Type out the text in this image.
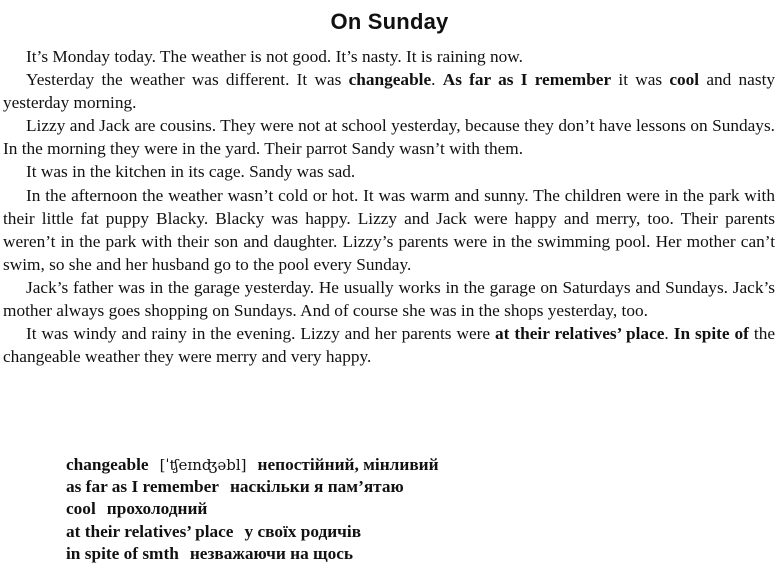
On Sunday

It’s Monday today. The weather is not good. It’s nasty. It is raining now.

Yesterday the weather was different. It was changeable. As far as I remember it was cool and nasty yesterday morning.

Lizzy and Jack are cousins. They were not at school yesterday, because they don’t have lessons on Sundays. In the morning they were in the yard. Their parrot Sandy wasn’t with them.

It was in the kitchen in its cage. Sandy was sad.

In the afternoon the weather wasn’t cold or hot. It was warm and sunny. The children were in the park with their little fat puppy Blacky. Blacky was happy. Lizzy and Jack were happy and merry, too. Their parents weren’t in the park with their son and daughter. Lizzy’s parents were in the swimming pool. Her mother can’t swim, so she and her husband go to the pool every Sunday.

Jack’s father was in the garage yesterday. He usually works in the garage on Saturdays and Sundays. Jack’s mother always goes shopping on Sundays. And of course she was in the shops yesterday, too.

It was windy and rainy in the evening. Lizzy and her parents were at their relatives’ place. In spite of the changeable weather they were merry and very happy.

changeable [ˈʧeɪnʤəbl] непостійний, мінливий
as far as I remember наскільки я пам’ятаю
cool прохолодний
at their relatives’ place у своїх родичів
in spite of smth незважаючи на щось
